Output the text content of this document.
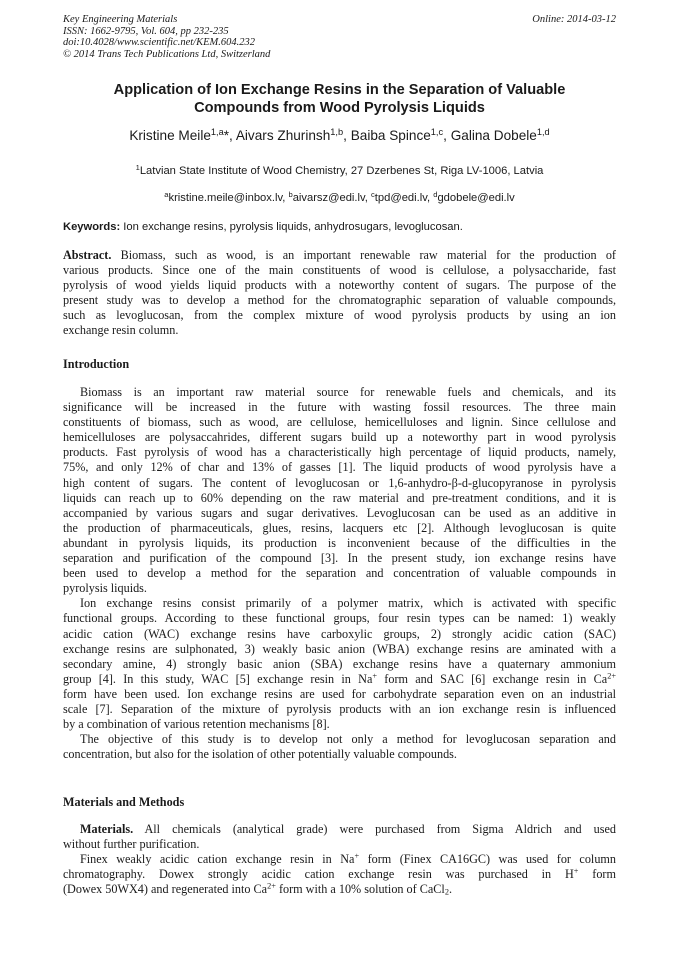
Key Engineering Materials
ISSN: 1662-9795, Vol. 604, pp 232-235
doi:10.4028/www.scientific.net/KEM.604.232
© 2014 Trans Tech Publications Ltd, Switzerland
Online: 2014-03-12
Application of Ion Exchange Resins in the Separation of Valuable
Compounds from Wood Pyrolysis Liquids
Kristine Meile$^{1,a}$*, Aivars Zhurinsh$^{1,b}$, Baiba Spince$^{1,c}$, Galina Dobele$^{1,d}$
$^1$Latvian State Institute of Wood Chemistry, 27 Dzerbenes St, Riga LV-1006, Latvia
$^a$kristine.meile@inbox.lv, $^b$aivarsz@edi.lv, $^c$tpd@edi.lv, $^d$gdobele@edi.lv
Keywords: Ion exchange resins, pyrolysis liquids, anhydrosugars, levoglucosan.
Abstract. Biomass, such as wood, is an important renewable raw material for the production of
various products. Since one of the main constituents of wood is cellulose, a polysaccharide, fast
pyrolysis of wood yields liquid products with a noteworthy content of sugars. The purpose of the
present study was to develop a method for the chromatographic separation of valuable compounds,
such as levoglucosan, from the complex mixture of wood pyrolysis products by using an ion
exchange resin column.
Introduction
Biomass is an important raw material source for renewable fuels and chemicals, and its
significance will be increased in the future with wasting fossil resources. The three main
constituents of biomass, such as wood, are cellulose, hemicelluloses and lignin. Since cellulose and
hemicelluloses are polysaccahrides, different sugars build up a noteworthy part in wood pyrolysis
products. Fast pyrolysis of wood has a characteristically high percentage of liquid products, namely,
75%, and only 12% of char and 13% of gasses [1]. The liquid products of wood pyrolysis have a
high content of sugars. The content of levoglucosan or 1,6-anhydro-β-d-glucopyranose in pyrolysis
liquids can reach up to 60% depending on the raw material and pre-treatment conditions, and it is
accompanied by various sugars and sugar derivatives. Levoglucosan can be used as an additive in
the production of pharmaceuticals, glues, resins, lacquers etc [2]. Although levoglucosan is quite
abundant in pyrolysis liquids, its production is inconvenient because of the difficulties in the
separation and purification of the compound [3]. In the present study, ion exchange resins have
been used to develop a method for the separation and concentration of valuable compounds in
pyrolysis liquids.
Ion exchange resins consist primarily of a polymer matrix, which is activated with specific
functional groups. According to these functional groups, four resin types can be named: 1) weakly
acidic cation (WAC) exchange resins have carboxylic groups, 2) strongly acidic cation (SAC)
exchange resins are sulphonated, 3) weakly basic anion (WBA) exchange resins are aminated with a
secondary amine, 4) strongly basic anion (SBA) exchange resins have a quaternary ammonium
group [4]. In this study, WAC [5] exchange resin in Na+ form and SAC [6] exchange resin in $Ca^{2+}$
form have been used. Ion exchange resins are used for carbohydrate separation even on an industrial
scale [7]. Separation of the mixture of pyrolysis products with an ion exchange resin is influenced
by a combination of various retention mechanisms [8].
The objective of this study is to develop not only a method for levoglucosan separation and
concentration, but also for the isolation of other potentially valuable compounds.
Materials and Methods
Materials. All chemicals (analytical grade) were purchased from Sigma Aldrich and used
without further purification.
Finex weakly acidic cation exchange resin in Na+ form (Finex CA16GC) was used for column
chromatography. Dowex strongly acidic cation exchange resin was purchased in H+ form
(Dowex 50WX4) and regenerated into $Ca^{2+}$ form with a 10% solution of CaCl$_2$.
